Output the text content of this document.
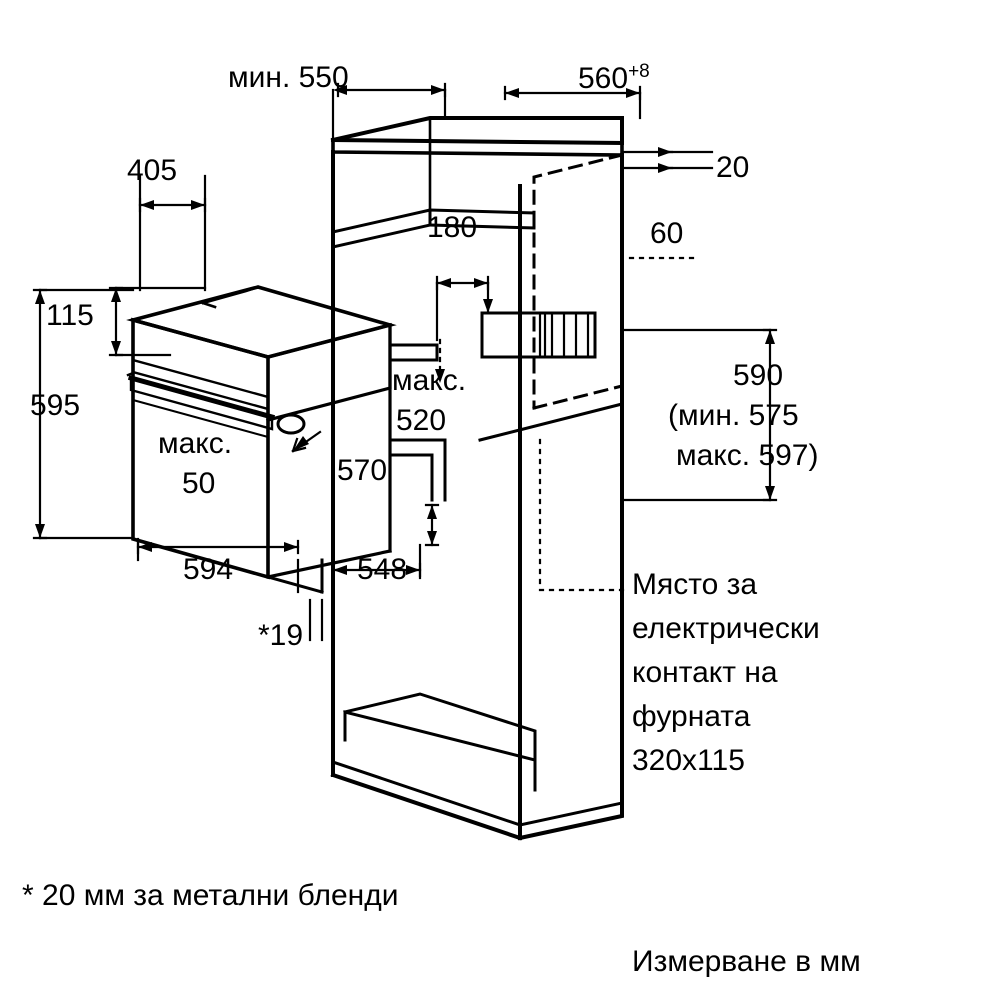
мин. 550	$560^{+8}$
20
405
180	60
115
595
макс.
520
570
макс.
50
594	548
*19
590
(мин. 575
макс. 597)
Място за
електрически
контакт на
фурната
320x115
* 20 мм за метални бленди
Измерване в мм
